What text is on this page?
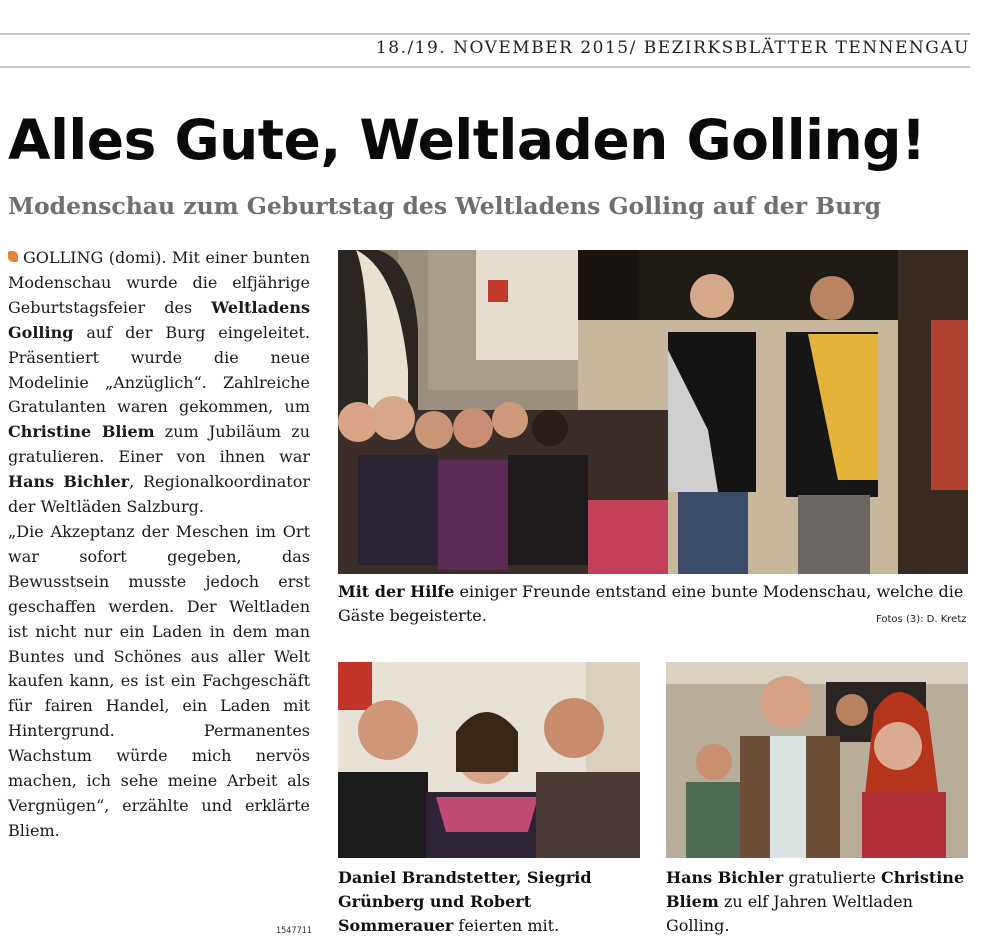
18./19. NOVEMBER 2015/ BEZIRKSBLÄTTER TENNENGAU
Alles Gute, Weltladen Golling!
Modenschau zum Geburtstag des Weltladens Golling auf der Burg

GOLLING (domi). Mit einer bunten Modenschau wurde die elfjährige Geburtstagsfeier des Weltladens Golling auf der Burg eingeleitet. Präsentiert wurde die neue Modelinie „Anzüglich“. Zahlreiche Gratulanten waren gekommen, um Christine Bliem zum Jubiläum zu gratulieren. Einer von ihnen war Hans Bichler, Regionalkoordinator der Weltläden Salzburg.

„Die Akzeptanz der Meschen im Ort war sofort gegeben, das Bewusstsein musste jedoch erst geschaffen werden. Der Weltladen ist nicht nur ein Laden in dem man Buntes und Schönes aus aller Welt kaufen kann, es ist ein Fachgeschäft für fairen Handel, ein Laden mit Hintergrund. Permanentes Wachstum würde mich nervös machen, ich sehe meine Arbeit als Vergnügen“, erzählte und erklärte Bliem.

1547711
Mit der Hilfe einiger Freunde entstand eine bunte Modenschau, welche die Gäste begeisterte.	Fotos (3): D. Kretz
Daniel Brandstetter, Siegrid Grünberg und Robert Sommerauer feierten mit.
Hans Bichler gratulierte Christine Bliem zu elf Jahren Weltladen Golling.
